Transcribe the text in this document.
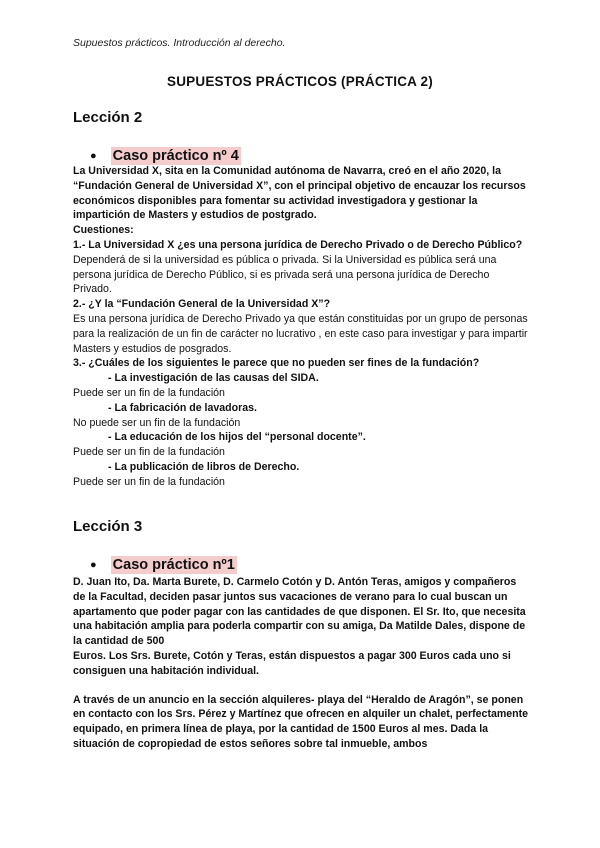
Supuestos prácticos. Introducción al derecho.
SUPUESTOS PRÁCTICOS (PRÁCTICA 2)
Lección 2
● Caso práctico nº 4
La Universidad X, sita en la Comunidad autónoma de Navarra, creó en el año 2020, la “Fundación General de Universidad X”, con el principal objetivo de encauzar los recursos económicos disponibles para fomentar su actividad investigadora y gestionar la impartición de Masters y estudios de postgrado.
Cuestiones:
1.- La Universidad X ¿es una persona jurídica de Derecho Privado o de Derecho Público?
Dependerá de si la universidad es pública o privada. Si la Universidad es pública será una persona jurídica de Derecho Público, si es privada será una persona jurídica de Derecho Privado.
2.- ¿Y la “Fundación General de la Universidad X”?
Es una persona jurídica de Derecho Privado ya que están constituidas por un grupo de personas para la realización de un fin de carácter no lucrativo , en este caso para investigar y para impartir Masters y estudios de posgrados.
3.- ¿Cuáles de los siguientes le parece que no pueden ser fines de la fundación?
- La investigación de las causas del SIDA.
Puede ser un fin de la fundación
- La fabricación de lavadoras.
No puede ser un fin de la fundación
- La educación de los hijos del “personal docente”.
Puede ser un fin de la fundación
- La publicación de libros de Derecho.
Puede ser un fin de la fundación
Lección 3
● Caso práctico nº1
D. Juan Ito, Da. Marta Burete, D. Carmelo Cotón y D. Antón Teras, amigos y compañeros de la Facultad, deciden pasar juntos sus vacaciones de verano para lo cual buscan un apartamento que poder pagar con las cantidades de que disponen. El Sr. Ito, que necesita una habitación amplia para poderla compartir con su amiga, Da Matilde Dales, dispone de la cantidad de 500
Euros. Los Srs. Burete, Cotón y Teras, están dispuestos a pagar 300 Euros cada uno si consiguen una habitación individual.
A través de un anuncio en la sección alquileres- playa del “Heraldo de Aragón”, se ponen en contacto con los Srs. Pérez y Martínez que ofrecen en alquiler un chalet, perfectamente equipado, en primera línea de playa, por la cantidad de 1500 Euros al mes. Dada la situación de copropiedad de estos señores sobre tal inmueble, ambos
